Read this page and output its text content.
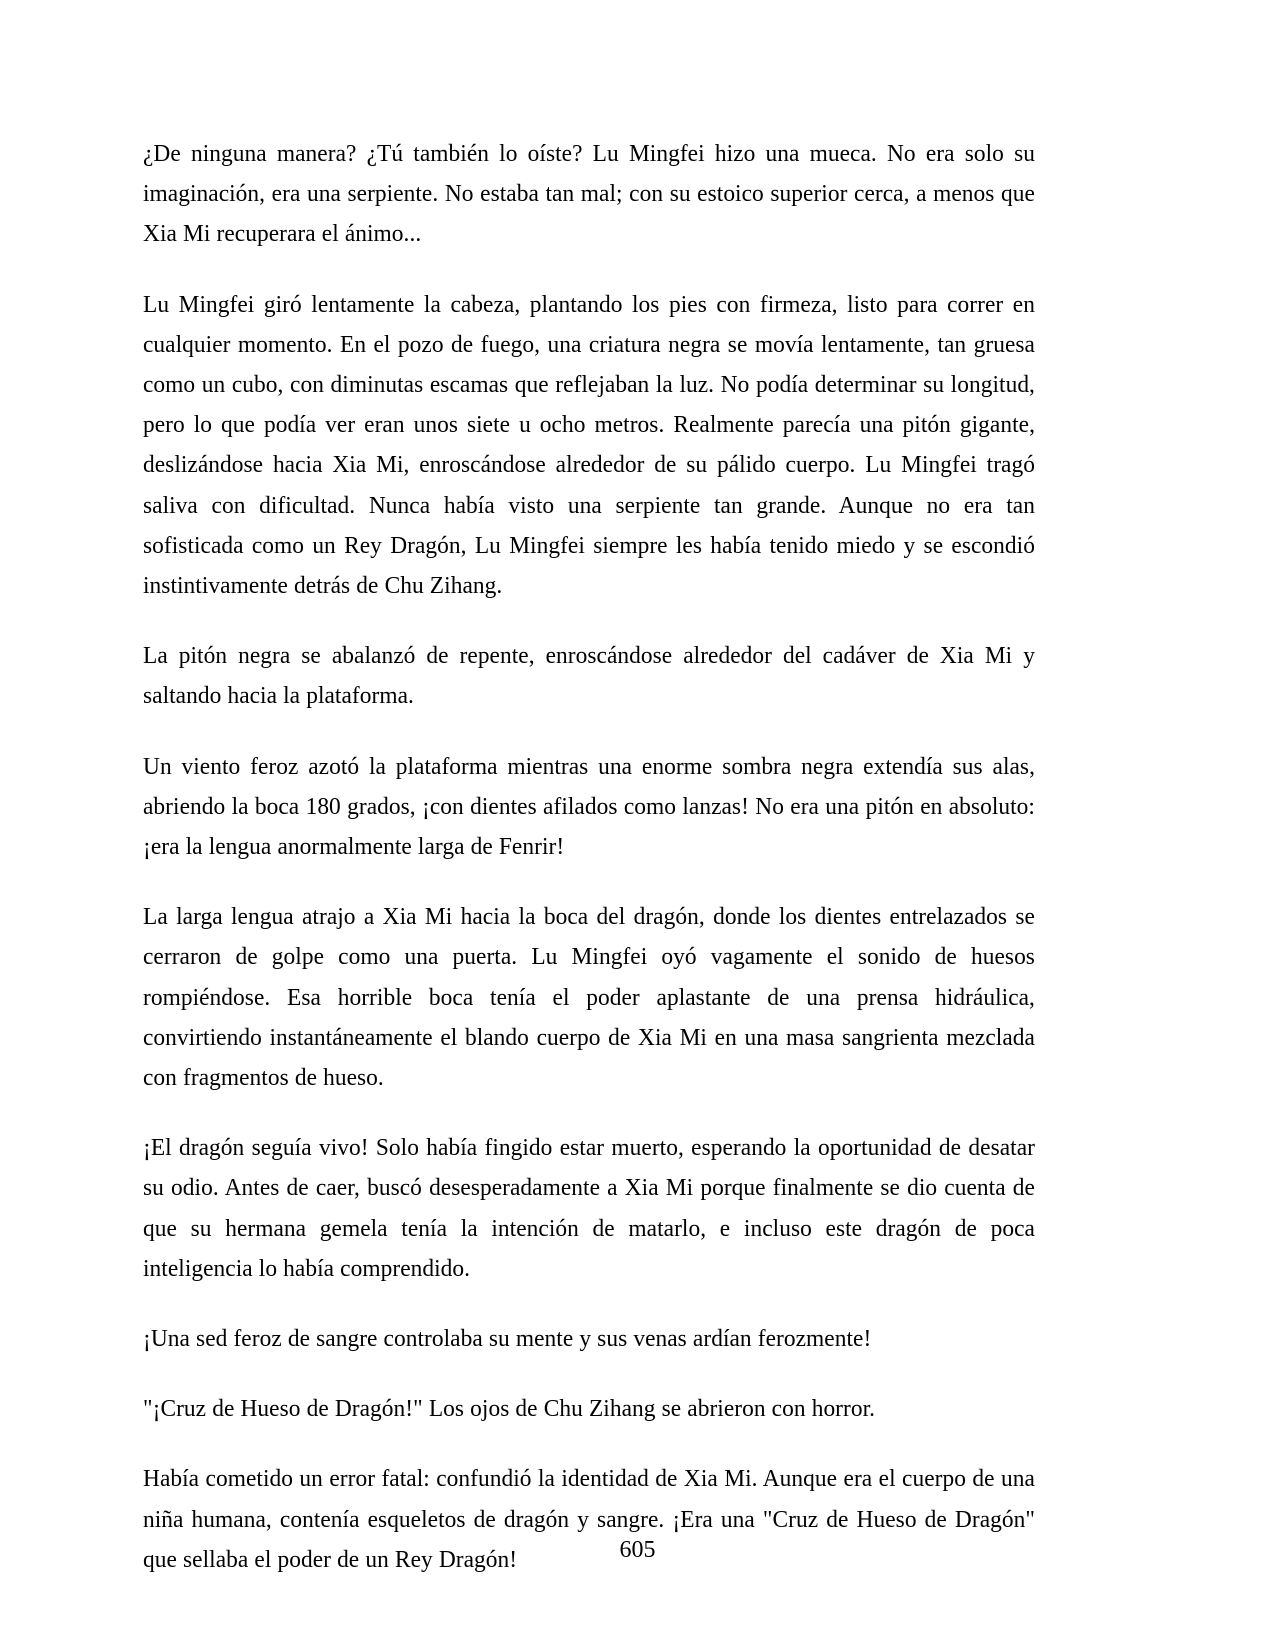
¿De ninguna manera? ¿Tú también lo oíste? Lu Mingfei hizo una mueca. No era solo su imaginación, era una serpiente. No estaba tan mal; con su estoico superior cerca, a menos que Xia Mi recuperara el ánimo...

Lu Mingfei giró lentamente la cabeza, plantando los pies con firmeza, listo para correr en cualquier momento. En el pozo de fuego, una criatura negra se movía lentamente, tan gruesa como un cubo, con diminutas escamas que reflejaban la luz. No podía determinar su longitud, pero lo que podía ver eran unos siete u ocho metros. Realmente parecía una pitón gigante, deslizándose hacia Xia Mi, enroscándose alrededor de su pálido cuerpo. Lu Mingfei tragó saliva con dificultad. Nunca había visto una serpiente tan grande. Aunque no era tan sofisticada como un Rey Dragón, Lu Mingfei siempre les había tenido miedo y se escondió instintivamente detrás de Chu Zihang.

La pitón negra se abalanzó de repente, enroscándose alrededor del cadáver de Xia Mi y saltando hacia la plataforma.

Un viento feroz azotó la plataforma mientras una enorme sombra negra extendía sus alas, abriendo la boca 180 grados, ¡con dientes afilados como lanzas! No era una pitón en absoluto: ¡era la lengua anormalmente larga de Fenrir!

La larga lengua atrajo a Xia Mi hacia la boca del dragón, donde los dientes entrelazados se cerraron de golpe como una puerta. Lu Mingfei oyó vagamente el sonido de huesos rompiéndose. Esa horrible boca tenía el poder aplastante de una prensa hidráulica, convirtiendo instantáneamente el blando cuerpo de Xia Mi en una masa sangrienta mezclada con fragmentos de hueso.

¡El dragón seguía vivo! Solo había fingido estar muerto, esperando la oportunidad de desatar su odio. Antes de caer, buscó desesperadamente a Xia Mi porque finalmente se dio cuenta de que su hermana gemela tenía la intención de matarlo, e incluso este dragón de poca inteligencia lo había comprendido.

¡Una sed feroz de sangre controlaba su mente y sus venas ardían ferozmente!

"¡Cruz de Hueso de Dragón!" Los ojos de Chu Zihang se abrieron con horror.

Había cometido un error fatal: confundió la identidad de Xia Mi. Aunque era el cuerpo de una niña humana, contenía esqueletos de dragón y sangre. ¡Era una "Cruz de Hueso de Dragón" que sellaba el poder de un Rey Dragón!	605
